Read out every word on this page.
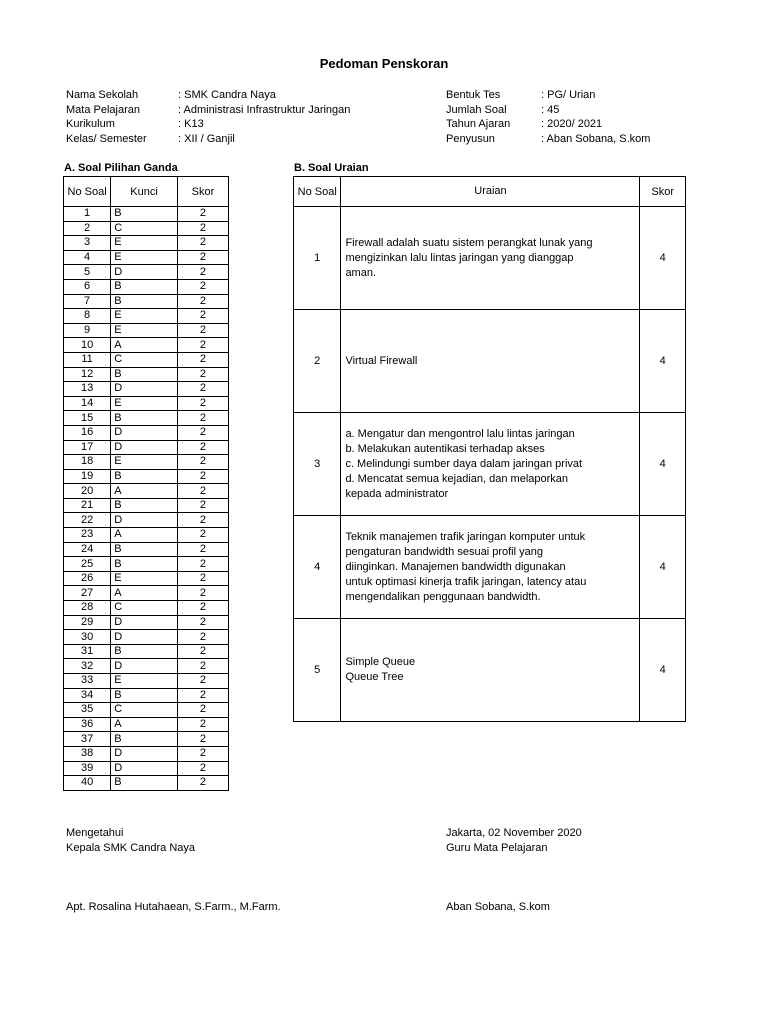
Pedoman Penskoran
Nama Sekolah	: SMK Candra Naya
Mata Pelajaran	: Administrasi Infrastruktur Jaringan
Kurikulum	: K13
Kelas/ Semester	: XII / Ganjil
Bentuk Tes	: PG/ Urian
Jumlah Soal	: 45
Tahun Ajaran	: 2020/ 2021
Penyusun	: Aban Sobana, S.kom
A. Soal Pilihan Ganda	B. Soal Uraian
No Soal	Kunci	Skor
1	B	2
2	C	2
3	E	2
4	E	2
5	D	2
6	B	2
7	B	2
8	E	2
9	E	2
10	A	2
11	C	2
12	B	2
13	D	2
14	E	2
15	B	2
16	D	2
17	D	2
18	E	2
19	B	2
20	A	2
21	B	2
22	D	2
23	A	2
24	B	2
25	B	2
26	E	2
27	A	2
28	C	2
29	D	2
30	D	2
31	B	2
32	D	2
33	E	2
34	B	2
35	C	2
36	A	2
37	B	2
38	D	2
39	D	2
40	B	2
No Soal	Uraian	Skor
1	Firewall adalah suatu sistem perangkat lunak yang
mengizinkan lalu lintas jaringan yang dianggap
aman.	4
2	Virtual Firewall	4
3	a. Mengatur dan mengontrol lalu lintas jaringan
b. Melakukan autentikasi terhadap akses
c. Melindungi sumber daya dalam jaringan privat
d. Mencatat semua kejadian, dan melaporkan
kepada administrator	4
4	Teknik manajemen trafik jaringan komputer untuk
pengaturan bandwidth sesuai profil yang
diinginkan. Manajemen bandwidth digunakan
untuk optimasi kinerja trafik jaringan, latency atau
mengendalikan penggunaan bandwidth.	4
5	Simple Queue
Queue Tree	4
Mengetahui
Kepala SMK Candra Naya
Apt. Rosalina Hutahaean, S.Farm., M.Farm.
Jakarta, 02 November 2020
Guru Mata Pelajaran
Aban Sobana, S.kom
